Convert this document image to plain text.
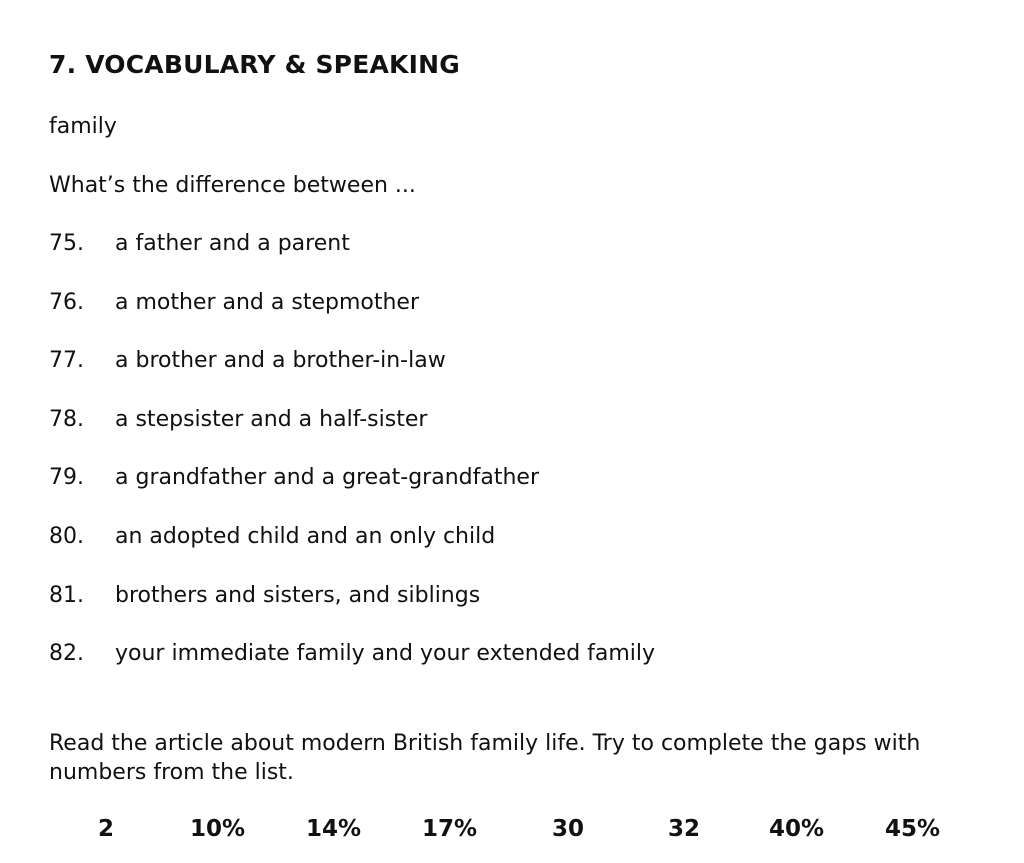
7. VOCABULARY & SPEAKING
family
What’s the difference between ...
75. a father and a parent
76. a mother and a stepmother
77. a brother and a brother-in-law
78. a stepsister and a half-sister
79. a grandfather and a great-grandfather
80. an adopted child and an only child
81. brothers and sisters, and siblings
82. your immediate family and your extended family
Read the article about modern British family life. Try to complete the gaps with numbers from the list.
2	10%	14%	17%	30	32	40%	45%
